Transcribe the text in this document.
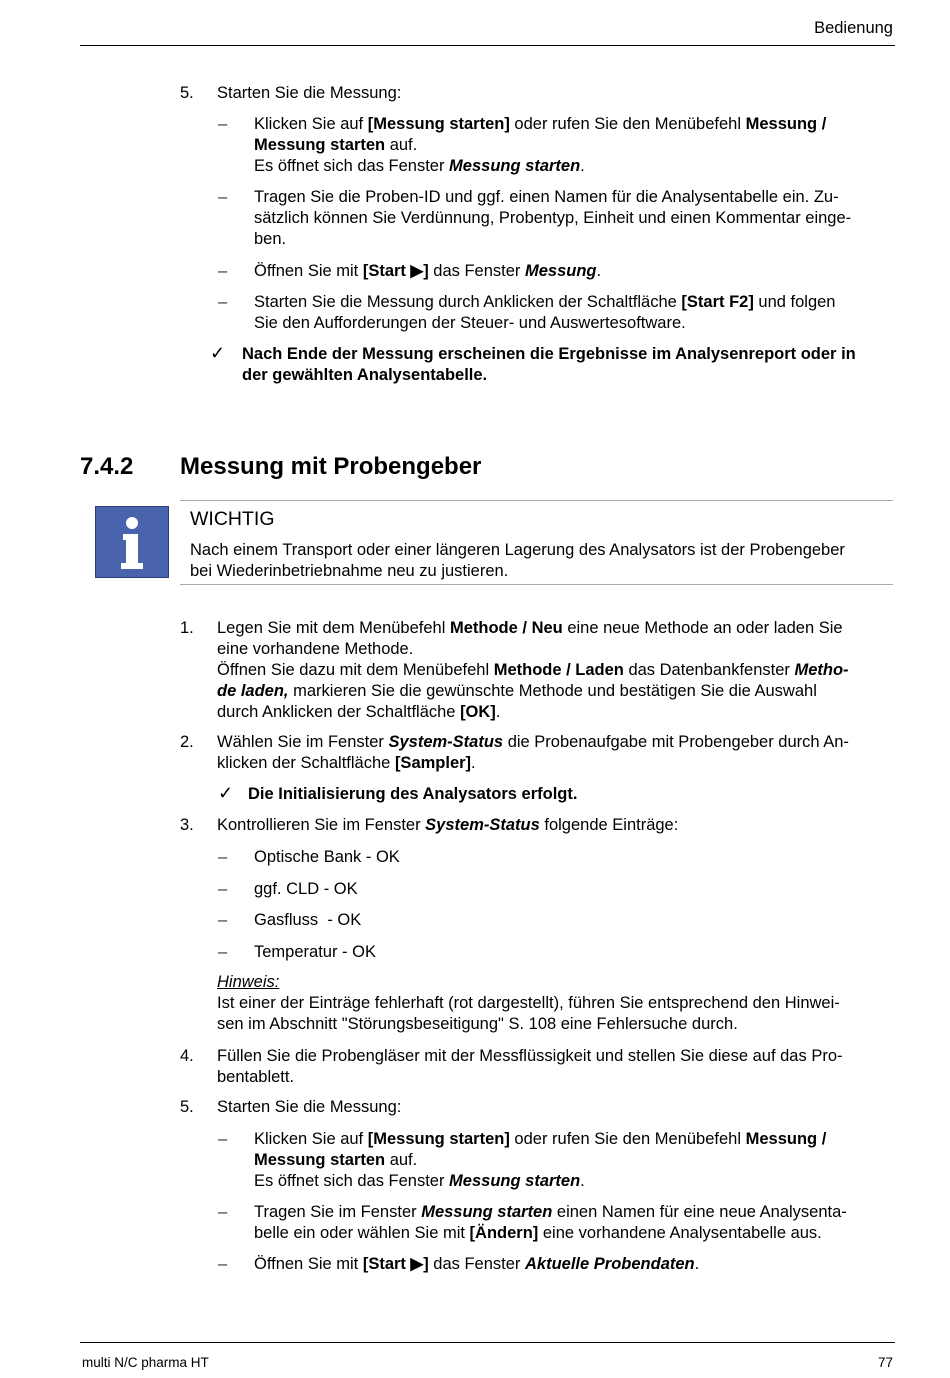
Bedienung
5. Starten Sie die Messung:
– Klicken Sie auf [Messung starten] oder rufen Sie den Menübefehl Messung /
Messung starten auf.
Es öffnet sich das Fenster Messung starten.
– Tragen Sie die Proben-ID und ggf. einen Namen für die Analysentabelle ein. Zu-
sätzlich können Sie Verdünnung, Probentyp, Einheit und einen Kommentar einge-
ben.
– Öffnen Sie mit [Start ▶] das Fenster Messung.
– Starten Sie die Messung durch Anklicken der Schaltfläche [Start F2] und folgen
Sie den Aufforderungen der Steuer- und Auswertesoftware.
✓ Nach Ende der Messung erscheinen die Ergebnisse im Analysenreport oder in
der gewählten Analysentabelle.
7.4.2 Messung mit Probengeber
WICHTIG
Nach einem Transport oder einer längeren Lagerung des Analysators ist der Probengeber
bei Wiederinbetriebnahme neu zu justieren.
1. Legen Sie mit dem Menübefehl Methode / Neu eine neue Methode an oder laden Sie
eine vorhandene Methode.
Öffnen Sie dazu mit dem Menübefehl Methode / Laden das Datenbankfenster Metho-
de laden, markieren Sie die gewünschte Methode und bestätigen Sie die Auswahl
durch Anklicken der Schaltfläche [OK].
2. Wählen Sie im Fenster System-Status die Probenaufgabe mit Probengeber durch An-
klicken der Schaltfläche [Sampler].
✓ Die Initialisierung des Analysators erfolgt.
3. Kontrollieren Sie im Fenster System-Status folgende Einträge:
– Optische Bank - OK
– ggf. CLD - OK
– Gasfluss  - OK
– Temperatur - OK
Hinweis:
Ist einer der Einträge fehlerhaft (rot dargestellt), führen Sie entsprechend den Hinwei-
sen im Abschnitt "Störungsbeseitigung" S. 108 eine Fehlersuche durch.
4. Füllen Sie die Probengläser mit der Messflüssigkeit und stellen Sie diese auf das Pro-
bentablett.
5. Starten Sie die Messung:
– Klicken Sie auf [Messung starten] oder rufen Sie den Menübefehl Messung /
Messung starten auf.
Es öffnet sich das Fenster Messung starten.
– Tragen Sie im Fenster Messung starten einen Namen für eine neue Analysenta-
belle ein oder wählen Sie mit [Ändern] eine vorhandene Analysentabelle aus.
– Öffnen Sie mit [Start ▶] das Fenster Aktuelle Probendaten.
multi N/C pharma HT	77
